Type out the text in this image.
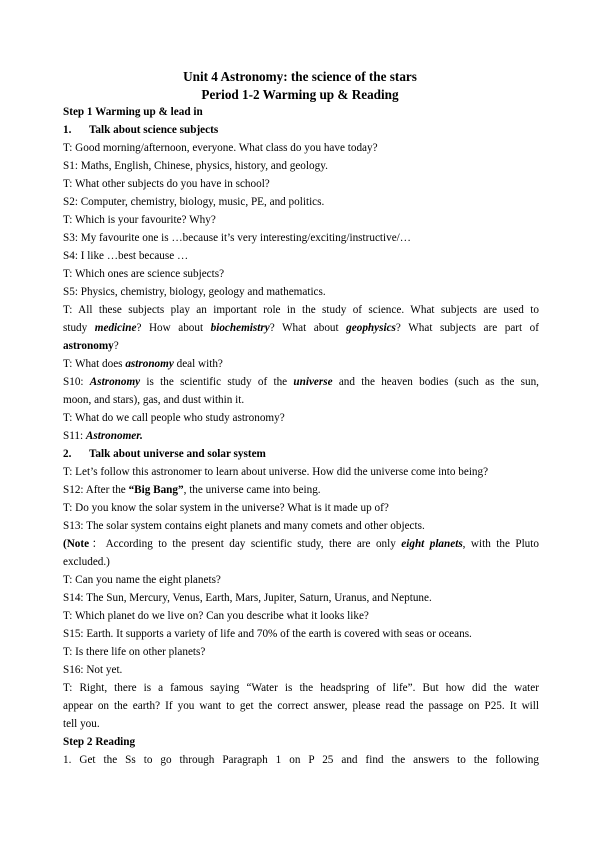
Unit 4 Astronomy: the science of the stars
Period 1-2 Warming up & Reading
Step 1 Warming up & lead in
1. Talk about science subjects
T: Good morning/afternoon, everyone. What class do you have today?
S1: Maths, English, Chinese, physics, history, and geology.
T: What other subjects do you have in school?
S2: Computer, chemistry, biology, music, PE, and politics.
T: Which is your favourite? Why?
S3: My favourite one is …because it’s very interesting/exciting/instructive/…
S4: I like …best because …
T: Which ones are science subjects?
S5: Physics, chemistry, biology, geology and mathematics.
T: All these subjects play an important role in the study of science. What subjects are used to
study medicine? How about biochemistry? What about geophysics? What subjects are part of
astronomy?
T: What does astronomy deal with?
S10: Astronomy is the scientific study of the universe and the heaven bodies (such as the sun,
moon, and stars), gas, and dust within it.
T: What do we call people who study astronomy?
S11: Astronomer.
2. Talk about universe and solar system
T: Let’s follow this astronomer to learn about universe. How did the universe come into being?
S12: After the “Big Bang”, the universe came into being.
T: Do you know the solar system in the universe? What is it made up of?
S13: The solar system contains eight planets and many comets and other objects.
(Note：According to the present day scientific study, there are only eight planets, with the Pluto
excluded.)
T: Can you name the eight planets?
S14: The Sun, Mercury, Venus, Earth, Mars, Jupiter, Saturn, Uranus, and Neptune.
T: Which planet do we live on? Can you describe what it looks like?
S15: Earth. It supports a variety of life and 70% of the earth is covered with seas or oceans.
T: Is there life on other planets?
S16: Not yet.
T: Right, there is a famous saying “Water is the headspring of life”. But how did the water
appear on the earth? If you want to get the correct answer, please read the passage on P25. It will
tell you.
Step 2 Reading
1. Get the Ss to go through Paragraph 1 on P 25 and find the answers to the following
